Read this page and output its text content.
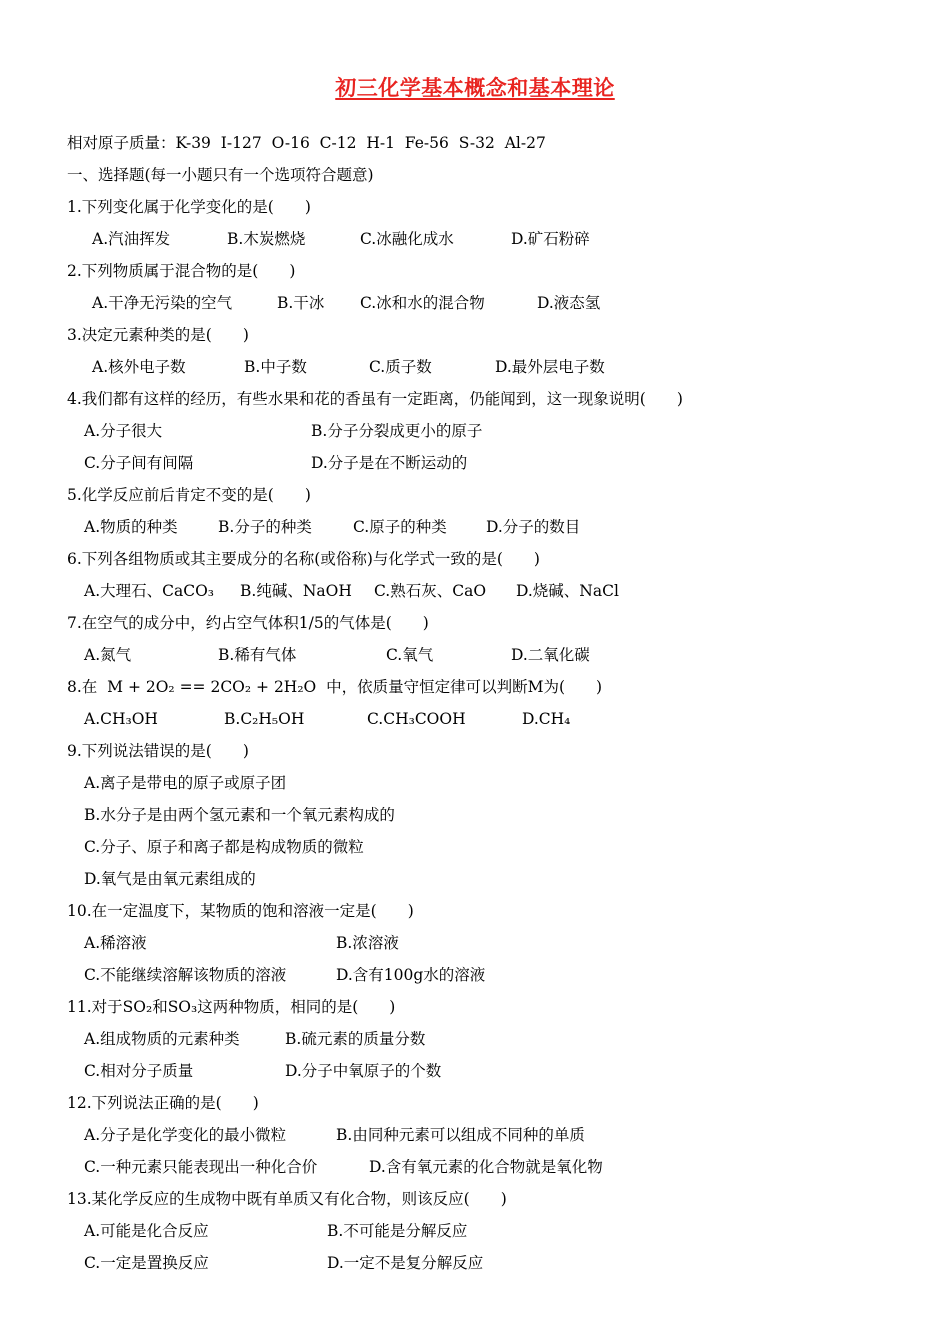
初三化学基本概念和基本理论
相对原子质量：K-39  I-127  O-16  C-12  H-1  Fe-56  S-32  Al-27
一、选择题(每一小题只有一个选项符合题意)
1.下列变化属于化学变化的是(　　)
A.汽油挥发	B.木炭燃烧	C.冰融化成水	D.矿石粉碎
2.下列物质属于混合物的是(　　)
A.干净无污染的空气	B.干冰 C.冰和水的混合物	D.液态氢
3.决定元素种类的是(　　)
A.核外电子数	B.中子数	C.质子数	D.最外层电子数
4.我们都有这样的经历，有些水果和花的香虽有一定距离，仍能闻到，这一现象说明(　　)
A.分子很大	B.分子分裂成更小的原子
C.分子间有间隔	D.分子是在不断运动的
5.化学反应前后肯定不变的是(　　)
A.物质的种类	B.分子的种类	C.原子的种类	D.分子的数目
6.下列各组物质或其主要成分的名称(或俗称)与化学式一致的是(　　)
A.大理石、CaCO₃ B.纯碱、NaOH C.熟石灰、CaO D.烧碱、NaCl
7.在空气的成分中，约占空气体积1/5的气体是(　　)
A.氮气	B.稀有气体	C.氧气	D.二氧化碳
8.在  M + 2O₂ == 2CO₂ + 2H₂O  中，依质量守恒定律可以判断M为(　　)
A.CH₃OH	B.C₂H₅OH	C.CH₃COOH	D.CH₄
9.下列说法错误的是(　　)
A.离子是带电的原子或原子团
B.水分子是由两个氢元素和一个氧元素构成的
C.分子、原子和离子都是构成物质的微粒
D.氧气是由氧元素组成的
10.在一定温度下，某物质的饱和溶液一定是(　　)
A.稀溶液	B.浓溶液
C.不能继续溶解该物质的溶液	D.含有100g水的溶液
11.对于SO₂和SO₃这两种物质，相同的是(　　)
A.组成物质的元素种类	B.硫元素的质量分数
C.相对分子质量	D.分子中氧原子的个数
12.下列说法正确的是(　　)
A.分子是化学变化的最小微粒	B.由同种元素可以组成不同种的单质
C.一种元素只能表现出一种化合价	D.含有氧元素的化合物就是氧化物
13.某化学反应的生成物中既有单质又有化合物，则该反应(　　)
A.可能是化合反应	B.不可能是分解反应
C.一定是置换反应	D.一定不是复分解反应
